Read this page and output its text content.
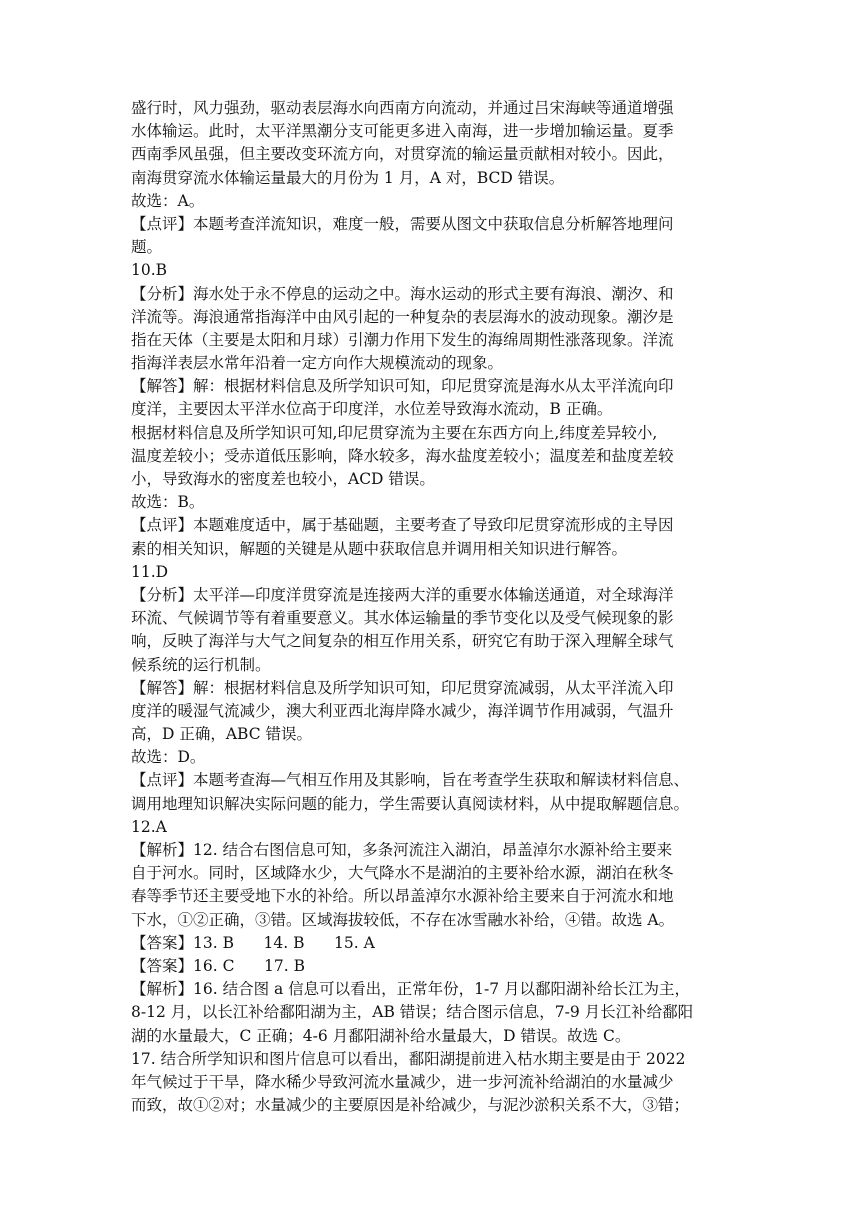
盛行时，风力强劲，驱动表层海水向西南方向流动，并通过吕宋海峡等通道增强
水体输运。此时，太平洋黑潮分支可能更多进入南海，进一步增加输运量。夏季
西南季风虽强，但主要改变环流方向，对贯穿流的输运量贡献相对较小。因此，
南海贯穿流水体输运量最大的月份为 1 月，A 对，BCD 错误。
故选：A。
【点评】本题考查洋流知识，难度一般，需要从图文中获取信息分析解答地理问
题。
10.B
【分析】海水处于永不停息的运动之中。海水运动的形式主要有海浪、潮汐、和
洋流等。海浪通常指海洋中由风引起的一种复杂的表层海水的波动现象。潮汐是
指在天体（主要是太阳和月球）引潮力作用下发生的海绵周期性涨落现象。洋流
指海洋表层水常年沿着一定方向作大规模流动的现象。
【解答】解：根据材料信息及所学知识可知，印尼贯穿流是海水从太平洋流向印
度洋，主要因太平洋水位高于印度洋，水位差导致海水流动，B 正确。
根据材料信息及所学知识可知,印尼贯穿流为主要在东西方向上,纬度差异较小,
温度差较小；受赤道低压影响，降水较多，海水盐度差较小；温度差和盐度差较
小，导致海水的密度差也较小，ACD 错误。
故选：B。
【点评】本题难度适中，属于基础题，主要考查了导致印尼贯穿流形成的主导因
素的相关知识，解题的关键是从题中获取信息并调用相关知识进行解答。
11.D
【分析】太平洋—印度洋贯穿流是连接两大洋的重要水体输送通道，对全球海洋
环流、气候调节等有着重要意义。其水体运输量的季节变化以及受气候现象的影
响，反映了海洋与大气之间复杂的相互作用关系，研究它有助于深入理解全球气
候系统的运行机制。
【解答】解：根据材料信息及所学知识可知，印尼贯穿流减弱，从太平洋流入印
度洋的暖湿气流减少，澳大利亚西北海岸降水减少，海洋调节作用减弱，气温升
高，D 正确，ABC 错误。
故选：D。
【点评】本题考查海—气相互作用及其影响，旨在考查学生获取和解读材料信息、
调用地理知识解决实际问题的能力，学生需要认真阅读材料，从中提取解题信息。
12.A
【解析】12. 结合右图信息可知，多条河流注入湖泊，昂盖淖尔水源补给主要来
自于河水。同时，区域降水少，大气降水不是湖泊的主要补给水源，湖泊在秋冬
春等季节还主要受地下水的补给。所以昂盖淖尔水源补给主要来自于河流水和地
下水，①②正确，③错。区域海拔较低，不存在冰雪融水补给，④错。故选 A。
【答案】13. B      14. B      15. A
【答案】16. C      17. B
【解析】16. 结合图 a 信息可以看出，正常年份，1-7 月以鄱阳湖补给长江为主，
8-12 月，以长江补给鄱阳湖为主，AB 错误；结合图示信息，7-9 月长江补给鄱阳
湖的水量最大，C 正确；4-6 月鄱阳湖补给水量最大，D 错误。故选 C。
17. 结合所学知识和图片信息可以看出，鄱阳湖提前进入枯水期主要是由于 2022
年气候过于干旱，降水稀少导致河流水量减少，进一步河流补给湖泊的水量减少
而致，故①②对；水量减少的主要原因是补给减少，与泥沙淤积关系不大，③错；
